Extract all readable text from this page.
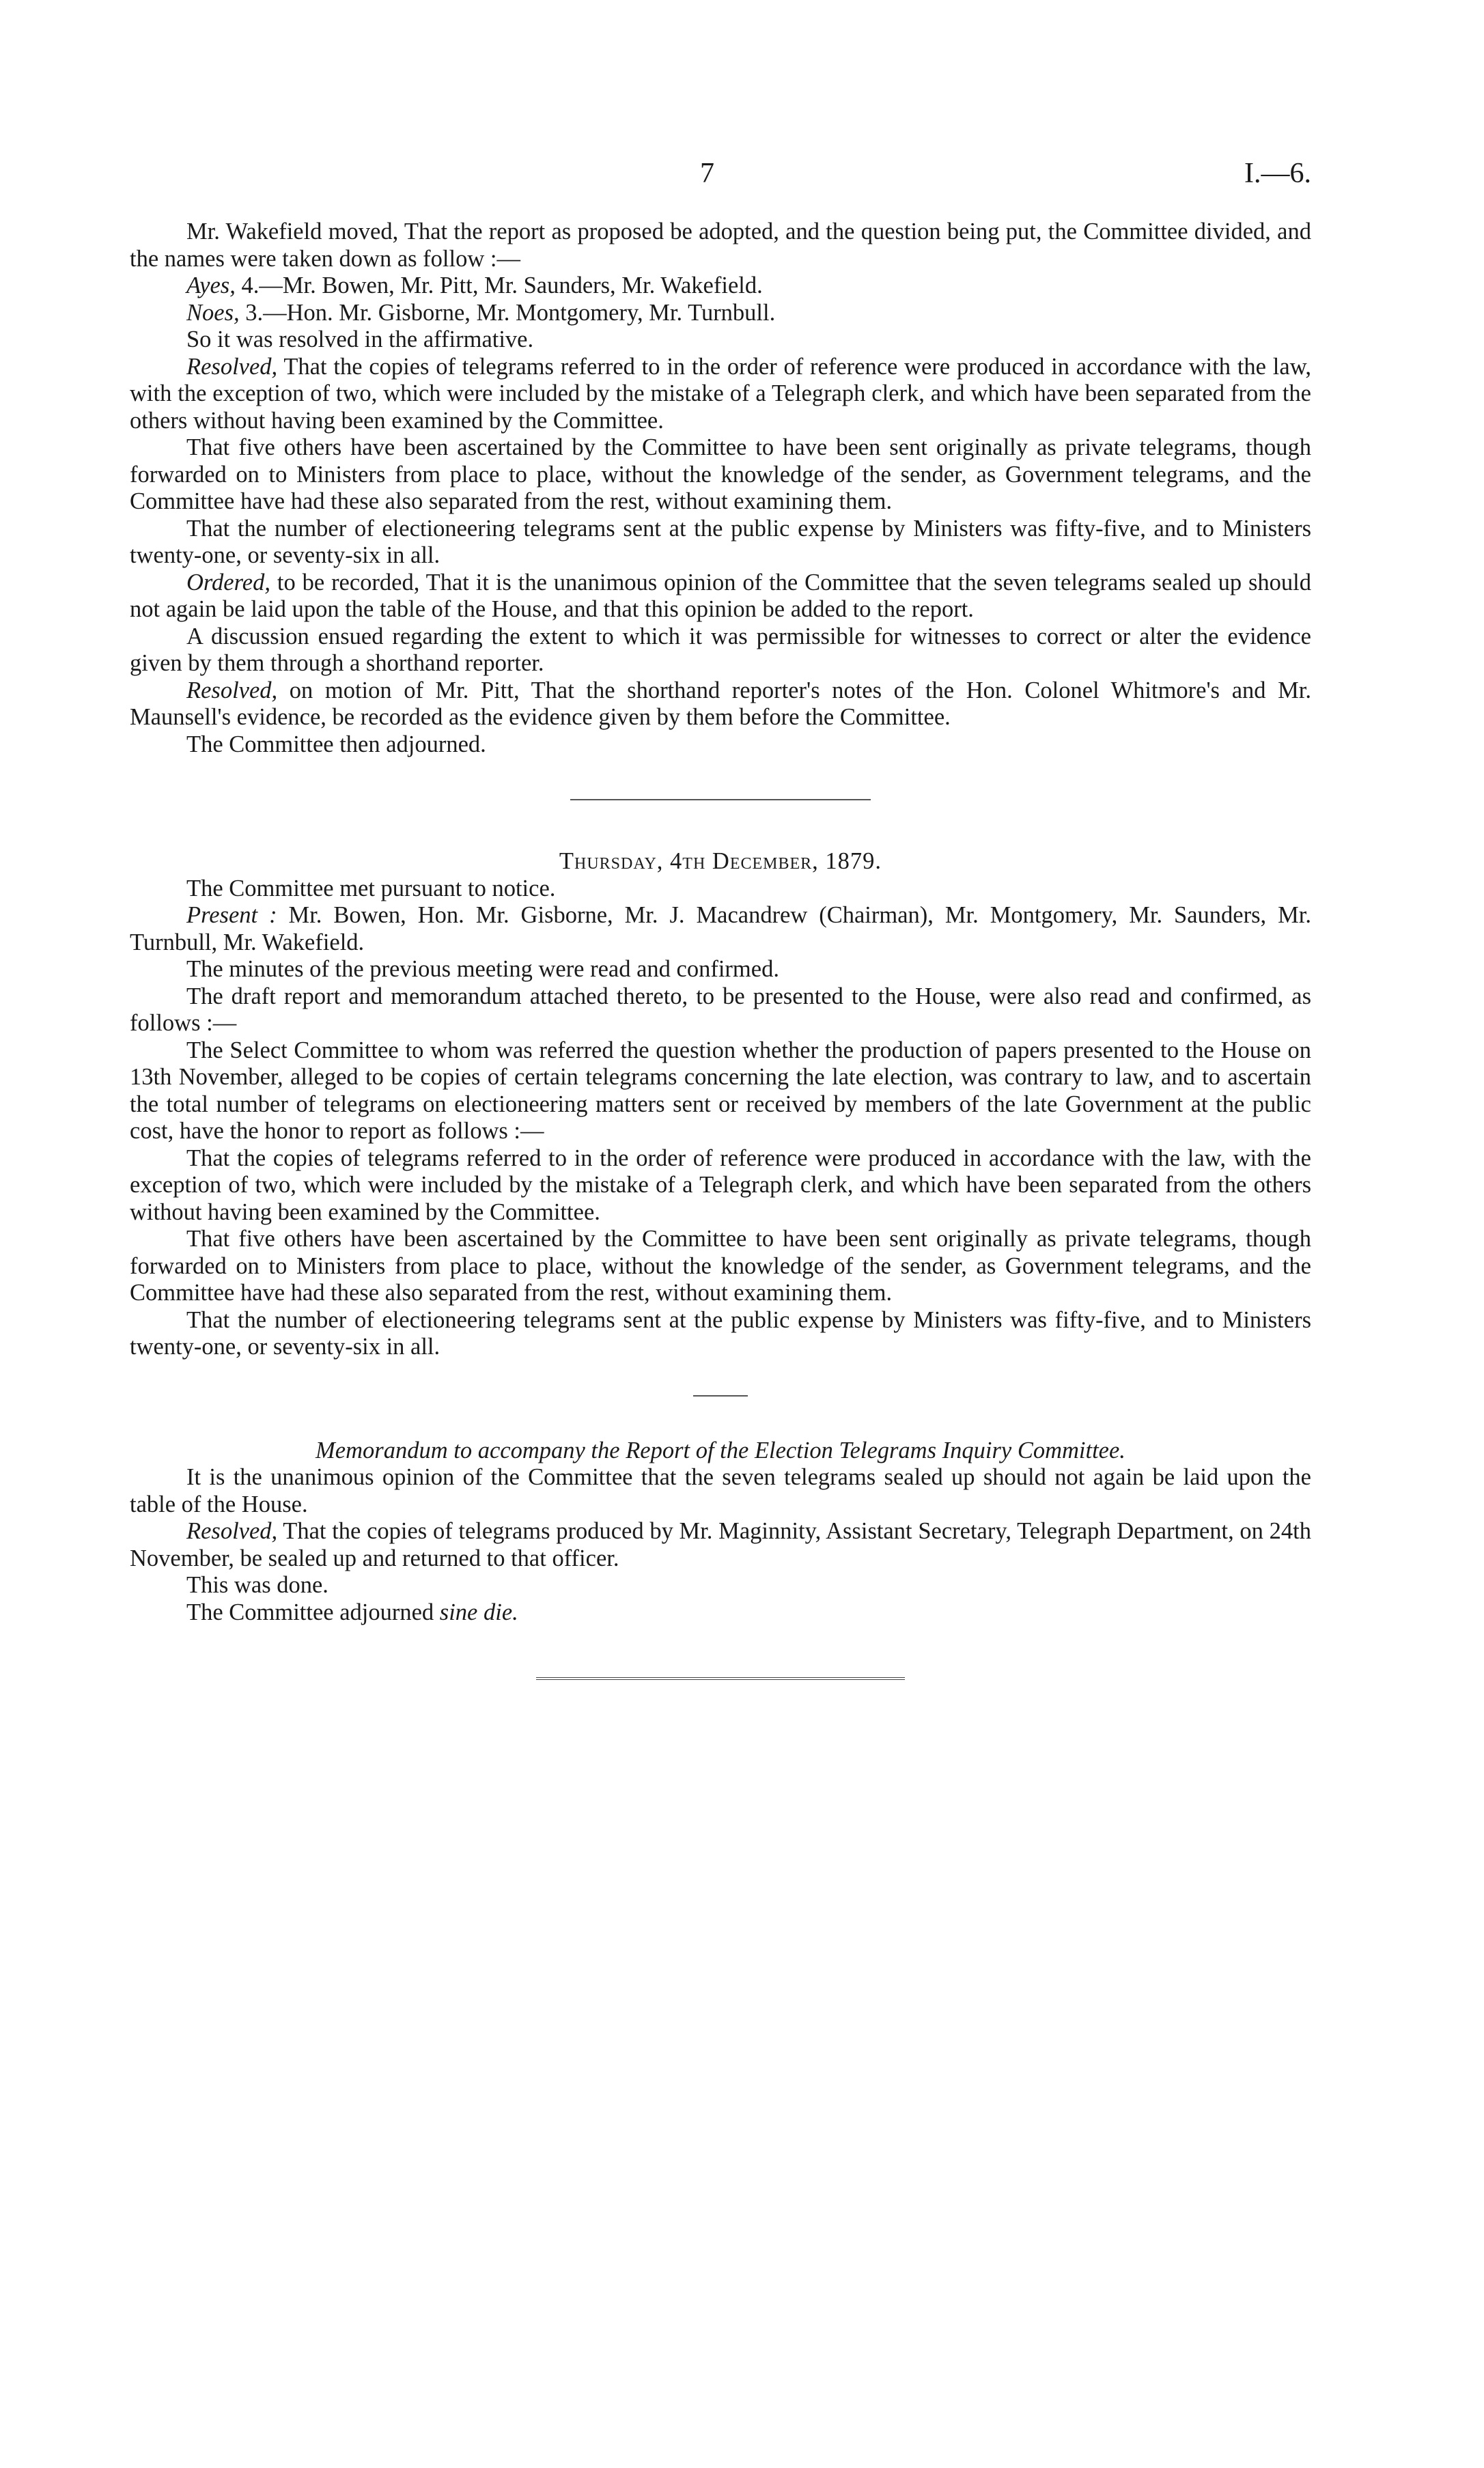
7	I.—6.

Mr. Wakefield moved, That the report as proposed be adopted, and the question being put, the Committee divided, and the names were taken down as follow :—

Ayes, 4.—Mr. Bowen, Mr. Pitt, Mr. Saunders, Mr. Wakefield.

Noes, 3.—Hon. Mr. Gisborne, Mr. Montgomery, Mr. Turnbull.

So it was resolved in the affirmative.

Resolved, That the copies of telegrams referred to in the order of reference were produced in accordance with the law, with the exception of two, which were included by the mistake of a Telegraph clerk, and which have been separated from the others without having been examined by the Committee.

That five others have been ascertained by the Committee to have been sent originally as private telegrams, though forwarded on to Ministers from place to place, without the knowledge of the sender, as Government telegrams, and the Committee have had these also separated from the rest, without examining them.

That the number of electioneering telegrams sent at the public expense by Ministers was fifty-five, and to Ministers twenty-one, or seventy-six in all.

Ordered, to be recorded, That it is the unanimous opinion of the Committee that the seven telegrams sealed up should not again be laid upon the table of the House, and that this opinion be added to the report.

A discussion ensued regarding the extent to which it was permissible for witnesses to correct or alter the evidence given by them through a shorthand reporter.

Resolved, on motion of Mr. Pitt, That the shorthand reporter's notes of the Hon. Colonel Whitmore's and Mr. Maunsell's evidence, be recorded as the evidence given by them before the Committee.

The Committee then adjourned.

Thursday, 4th December, 1879.

The Committee met pursuant to notice.

Present : Mr. Bowen, Hon. Mr. Gisborne, Mr. J. Macandrew (Chairman), Mr. Montgomery, Mr. Saunders, Mr. Turnbull, Mr. Wakefield.

The minutes of the previous meeting were read and confirmed.

The draft report and memorandum attached thereto, to be presented to the House, were also read and confirmed, as follows :—

The Select Committee to whom was referred the question whether the production of papers presented to the House on 13th November, alleged to be copies of certain telegrams concerning the late election, was contrary to law, and to ascertain the total number of telegrams on electioneering matters sent or received by members of the late Government at the public cost, have the honor to report as follows :—

That the copies of telegrams referred to in the order of reference were produced in accordance with the law, with the exception of two, which were included by the mistake of a Telegraph clerk, and which have been separated from the others without having been examined by the Committee.

That five others have been ascertained by the Committee to have been sent originally as private telegrams, though forwarded on to Ministers from place to place, without the knowledge of the sender, as Government telegrams, and the Committee have had these also separated from the rest, without examining them.

That the number of electioneering telegrams sent at the public expense by Ministers was fifty-five, and to Ministers twenty-one, or seventy-six in all.

Memorandum to accompany the Report of the Election Telegrams Inquiry Committee.

It is the unanimous opinion of the Committee that the seven telegrams sealed up should not again be laid upon the table of the House.

Resolved, That the copies of telegrams produced by Mr. Maginnity, Assistant Secretary, Telegraph Department, on 24th November, be sealed up and returned to that officer.

This was done.

The Committee adjourned sine die.
